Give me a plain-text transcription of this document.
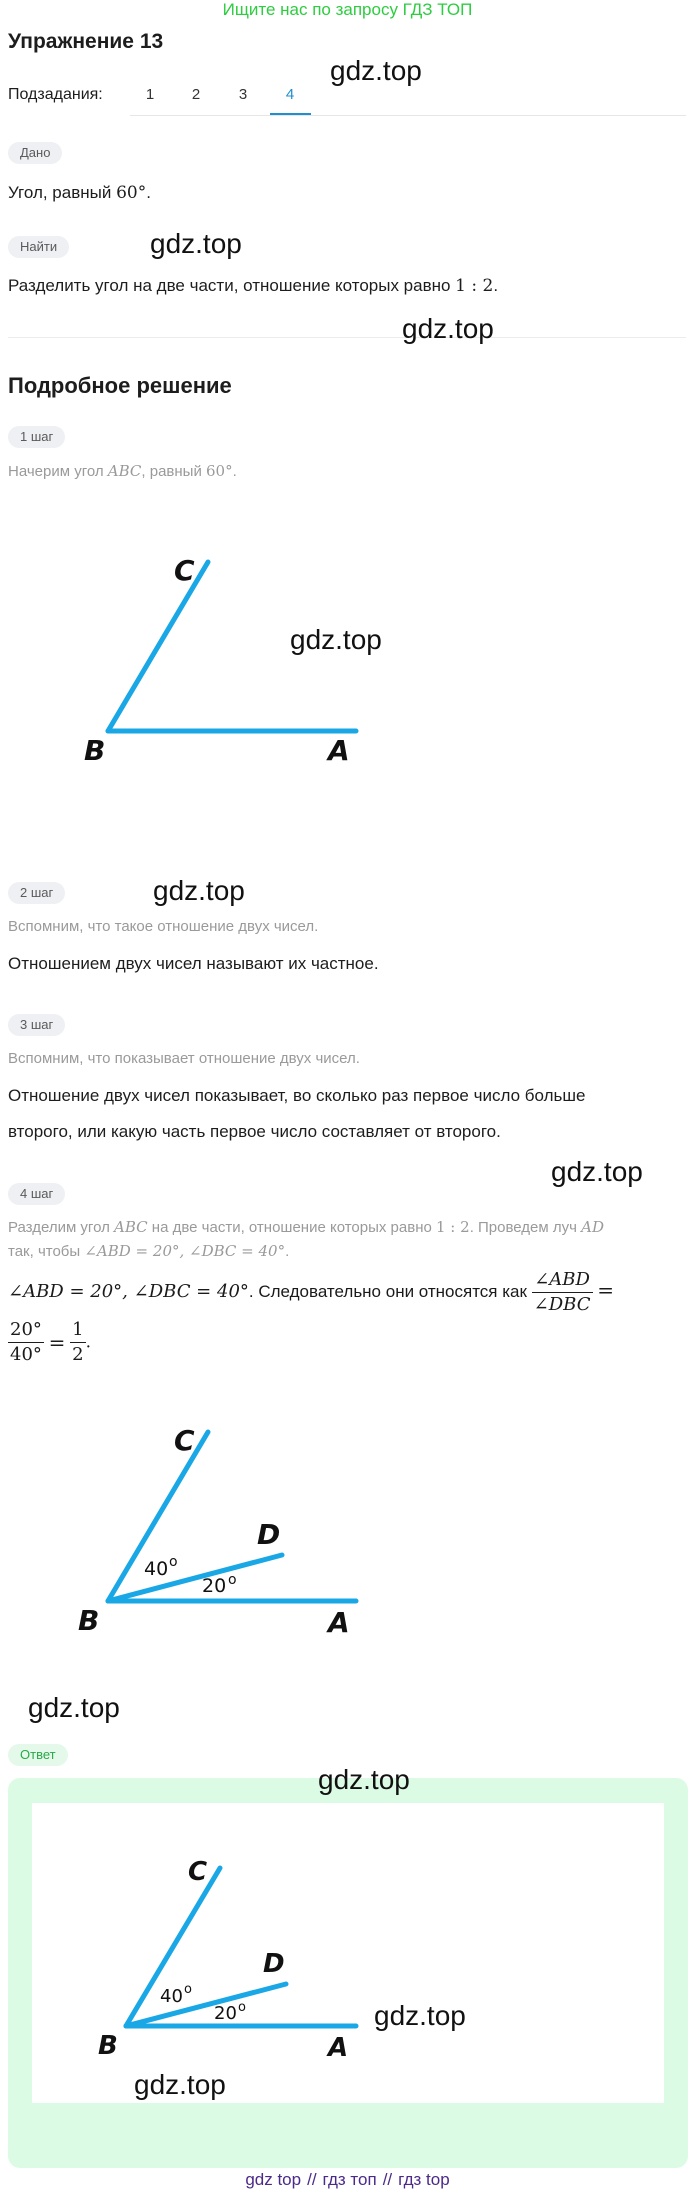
Ищите нас по запросу ГДЗ ТОП
Упражнение 13
Подзадания:	1	2	3	4
Дано
Угол, равный 60°.
Найти
Разделить угол на две части, отношение которых равно 1 : 2.
Подробное решение
1 шаг
Начерим угол ABC, равный 60°.
C
B	A
2 шаг
Вспомним, что такое отношение двух чисел.
Отношением двух чисел называют их частное.
3 шаг
Вспомним, что показывает отношение двух чисел.
Отношение двух чисел показывает, во сколько раз первое число больше
второго, или какую часть первое число составляет от второго.
4 шаг
Разделим угол ABC на две части, отношение которых равно 1 : 2. Проведем луч AD
так, чтобы ∠ABD = 20°, ∠DBC = 40°.
∠ABD = 20°, ∠DBC = 40°. Следовательно они относятся как $\frac{\text{∠ABD}}{\text{∠DBC}}$ =
$\frac{20^\circ}{40^\circ} = \frac{1}{2}$ .
C
D
B	A
40 o
20 o
Ответ
C
D
B	A
40 o
20 o
gdz.top
gdz.top
gdz.top
gdz.top
gdz.top
gdz.top
gdz.top
gdz.top
gdz.top
gdz.top
gdz top // гдз топ // гдз top
